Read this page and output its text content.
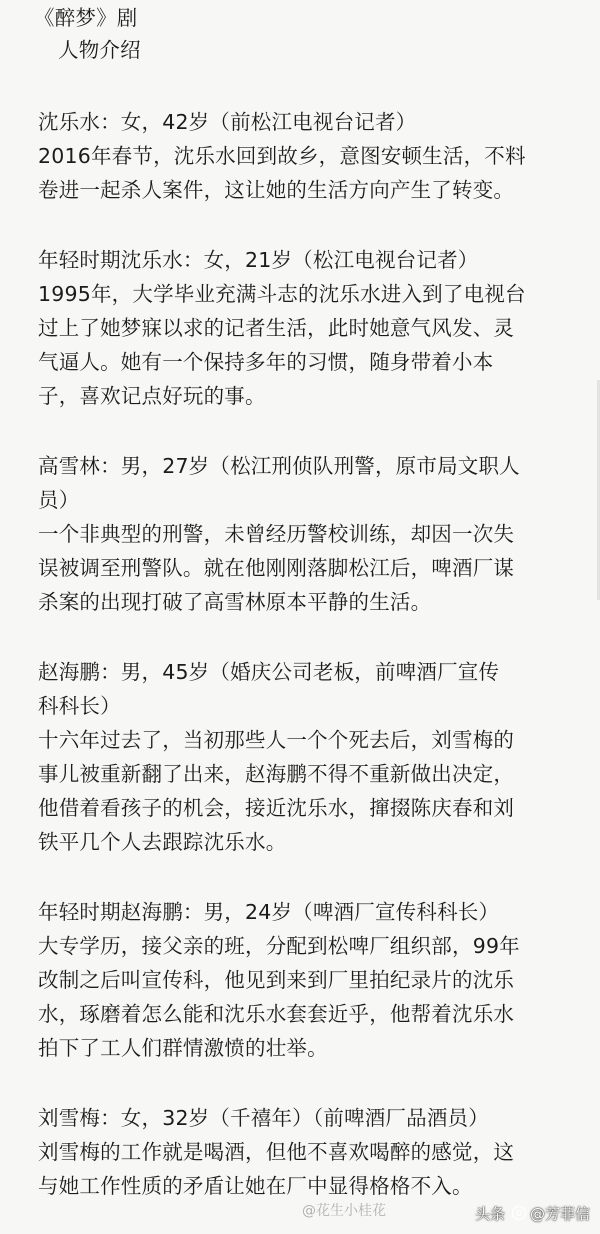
《醉梦》剧
人物介绍
沈乐水：女，42岁（前松江电视台记者）
2016年春节，沈乐水回到故乡，意图安顿生活，不料
卷进一起杀人案件，这让她的生活方向产生了转变。
年轻时期沈乐水：女，21岁（松江电视台记者）
1995年，大学毕业充满斗志的沈乐水进入到了电视台
过上了她梦寐以求的记者生活，此时她意气风发、灵
气逼人。她有一个保持多年的习惯，随身带着小本
子，喜欢记点好玩的事。
高雪林：男，27岁（松江刑侦队刑警，原市局文职人
员）
一个非典型的刑警，未曾经历警校训练，却因一次失
误被调至刑警队。就在他刚刚落脚松江后，啤酒厂谋
杀案的出现打破了高雪林原本平静的生活。
赵海鹏：男，45岁（婚庆公司老板，前啤酒厂宣传
科科长）
十六年过去了，当初那些人一个个死去后，刘雪梅的
事儿被重新翻了出来，赵海鹏不得不重新做出决定，
他借着看孩子的机会，接近沈乐水，撺掇陈庆春和刘
铁平几个人去跟踪沈乐水。
年轻时期赵海鹏：男，24岁（啤酒厂宣传科科长）
大专学历，接父亲的班，分配到松啤厂组织部，99年
改制之后叫宣传科，他见到来到厂里拍纪录片的沈乐
水，琢磨着怎么能和沈乐水套套近乎，他帮着沈乐水
拍下了工人们群情激愤的壮举。
刘雪梅：女，32岁（千禧年）（前啤酒厂品酒员）
刘雪梅的工作就是喝酒，但他不喜欢喝醉的感觉，这
与她工作性质的矛盾让她在厂中显得格格不入。
@花生小桂花	头条 @芳菲信
